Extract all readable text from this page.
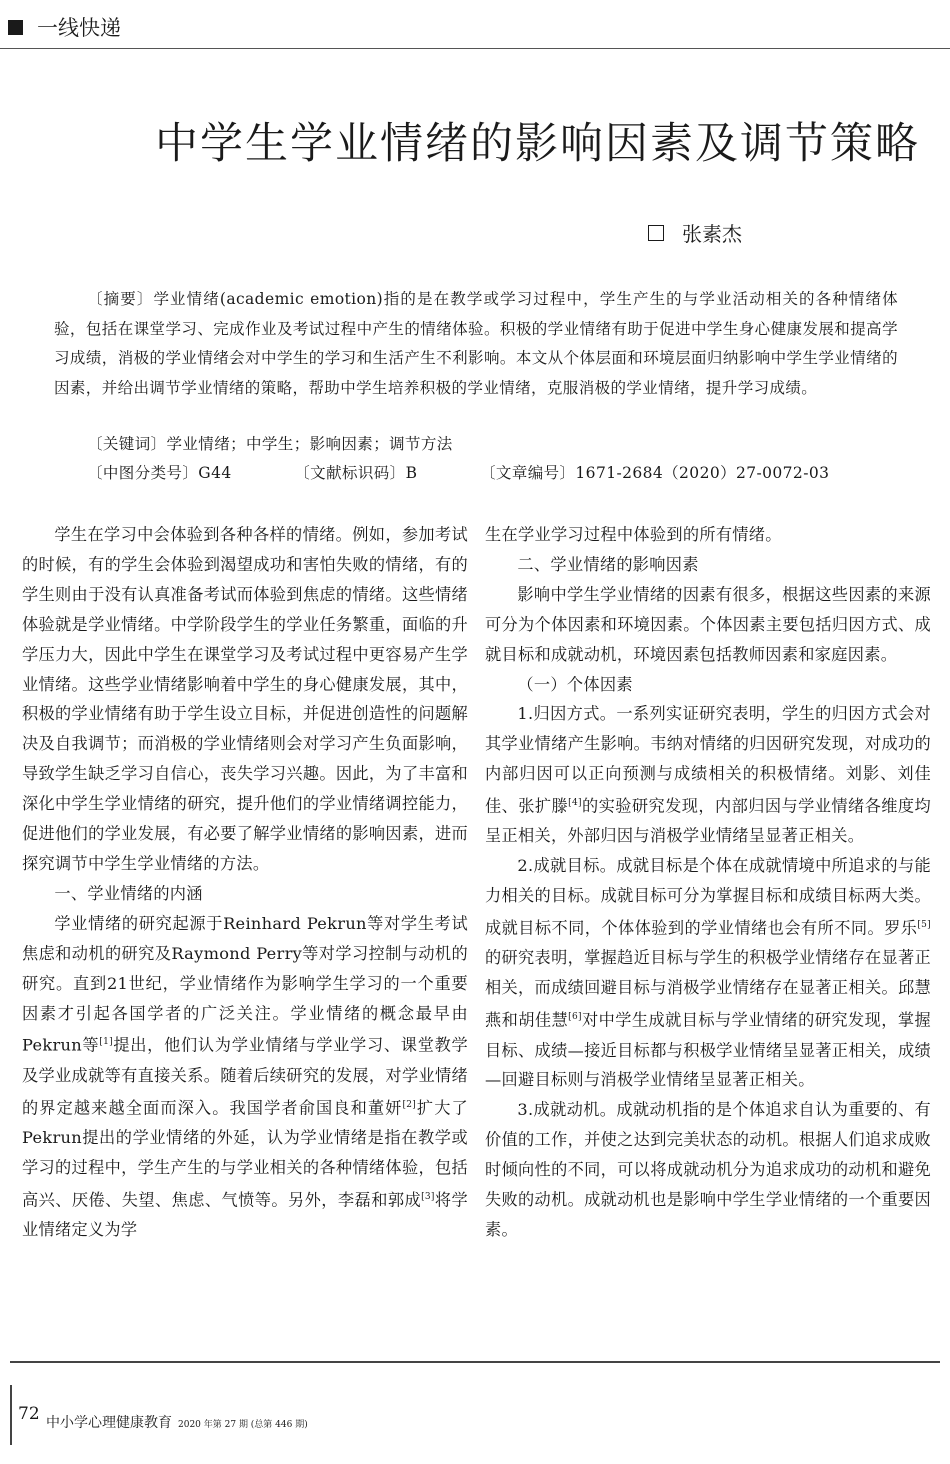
一线快递
中学生学业情绪的影响因素及调节策略
张素杰

〔摘要〕学业情绪(academic emotion)指的是在教学或学习过程中，学生产生的与学业活动相关的各种情绪体验，包括在课堂学习、完成作业及考试过程中产生的情绪体验。积极的学业情绪有助于促进中学生身心健康发展和提高学习成绩，消极的学业情绪会对中学生的学习和生活产生不利影响。本文从个体层面和环境层面归纳影响中学生学业情绪的因素，并给出调节学业情绪的策略，帮助中学生培养积极的学业情绪，克服消极的学业情绪，提升学习成绩。

〔关键词〕学业情绪；中学生；影响因素；调节方法
〔中图分类号〕G44	〔文献标识码〕B	〔文章编号〕1671-2684（2020）27-0072-03

学生在学习中会体验到各种各样的情绪。例如，参加考试的时候，有的学生会体验到渴望成功和害怕失败的情绪，有的学生则由于没有认真准备考试而体验到焦虑的情绪。这些情绪体验就是学业情绪。中学阶段学生的学业任务繁重，面临的升学压力大，因此中学生在课堂学习及考试过程中更容易产生学业情绪。这些学业情绪影响着中学生的身心健康发展，其中，积极的学业情绪有助于学生设立目标，并促进创造性的问题解决及自我调节；而消极的学业情绪则会对学习产生负面影响，导致学生缺乏学习自信心，丧失学习兴趣。因此，为了丰富和深化中学生学业情绪的研究，提升他们的学业情绪调控能力，促进他们的学业发展，有必要了解学业情绪的影响因素，进而探究调节中学生学业情绪的方法。

一、学业情绪的内涵

学业情绪的研究起源于Reinhard Pekrun等对学生考试焦虑和动机的研究及Raymond Perry等对学习控制与动机的研究。直到21世纪，学业情绪作为影响学生学习的一个重要因素才引起各国学者的广泛关注。学业情绪的概念最早由Pekrun等[1]提出，他们认为学业情绪与学业学习、课堂教学及学业成就等有直接关系。随着后续研究的发展，对学业情绪的界定越来越全面而深入。我国学者俞国良和董妍[2]扩大了Pekrun提出的学业情绪的外延，认为学业情绪是指在教学或学习的过程中，学生产生的与学业相关的各种情绪体验，包括高兴、厌倦、失望、焦虑、气愤等。另外，李磊和郭成[3]将学业情绪定义为学

生在学业学习过程中体验到的所有情绪。

二、学业情绪的影响因素

影响中学生学业情绪的因素有很多，根据这些因素的来源可分为个体因素和环境因素。个体因素主要包括归因方式、成就目标和成就动机，环境因素包括教师因素和家庭因素。

（一）个体因素

1.归因方式。一系列实证研究表明，学生的归因方式会对其学业情绪产生影响。韦纳对情绪的归因研究发现，对成功的内部归因可以正向预测与成绩相关的积极情绪。刘影、刘佳佳、张扩滕[4]的实验研究发现，内部归因与学业情绪各维度均呈正相关，外部归因与消极学业情绪呈显著正相关。

2.成就目标。成就目标是个体在成就情境中所追求的与能力相关的目标。成就目标可分为掌握目标和成绩目标两大类。成就目标不同，个体体验到的学业情绪也会有所不同。罗乐[5]的研究表明，掌握趋近目标与学生的积极学业情绪存在显著正相关，而成绩回避目标与消极学业情绪存在显著正相关。邱慧燕和胡佳慧[6]对中学生成就目标与学业情绪的研究发现，掌握目标、成绩—接近目标都与积极学业情绪呈显著正相关，成绩—回避目标则与消极学业情绪呈显著正相关。

3.成就动机。成就动机指的是个体追求自认为重要的、有价值的工作，并使之达到完美状态的动机。根据人们追求成败时倾向性的不同，可以将成就动机分为追求成功的动机和避免失败的动机。成就动机也是影响中学生学业情绪的一个重要因素。

72 中小学心理健康教育 2020 年第 27 期 (总第 446 期)
